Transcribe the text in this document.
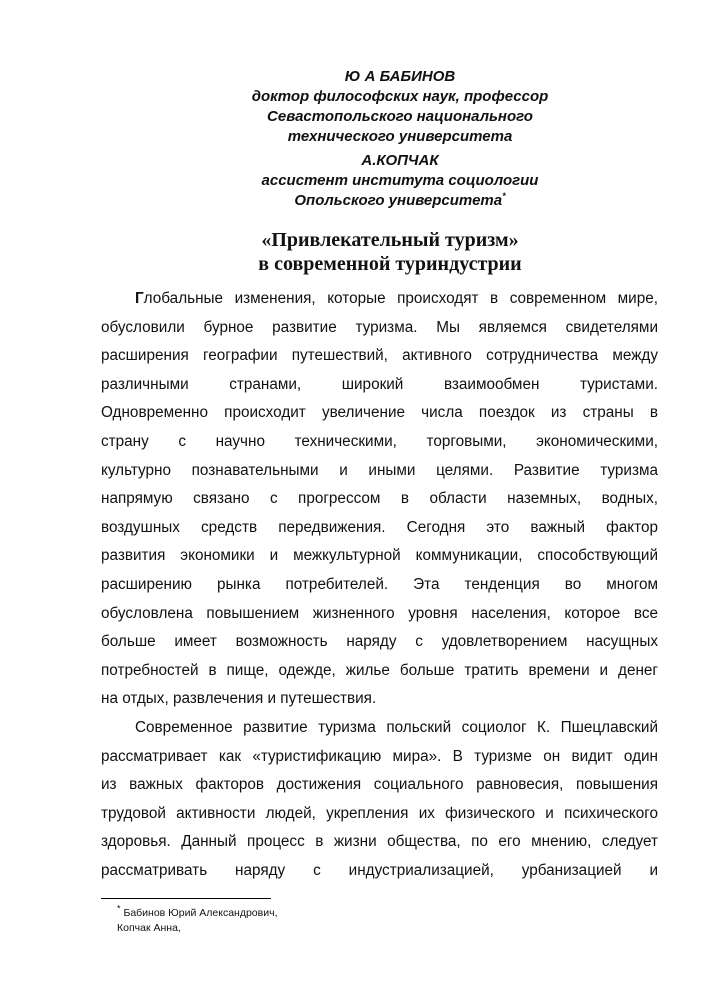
Ю А БАБИНОВ
доктор философских наук, профессор
Севастопольского национального
технического университета
А.КОПЧАК
ассистент института социологии
Опольского университета*
«Привлекательный туризм»
в современной туриндустрии

Глобальные изменения, которые происходят в современном мире,
обусловили бурное развитие туризма. Мы являемся свидетелями
расширения географии путешествий, активного сотрудничества между
различными странами, широкий взаимообмен туристами.
Одновременно происходит увеличение числа поездок из страны в
страну с научно техническими, торговыми, экономическими,
культурно познавательными и иными целями. Развитие туризма
напрямую связано с прогрессом в области наземных, водных,
воздушных средств передвижения. Сегодня это важный фактор
развития экономики и межкультурной коммуникации, способствующий
расширению рынка потребителей. Эта тенденция во многом
обусловлена повышением жизненного уровня населения, которое все
больше имеет возможность наряду с удовлетворением насущных
потребностей в пище, одежде, жилье больше тратить времени и денег
на отдых, развлечения и путешествия.

Современное развитие туризма польский социолог К. Пшецлавский
рассматривает как «туристификацию мира». В туризме он видит один
из важных факторов достижения социального равновесия, повышения
трудовой активности людей, укрепления их физического и психического
здоровья. Данный процесс в жизни общества, по его мнению, следует
рассматривать наряду с индустриализацией, урбанизацией и

* Бабинов Юрий Александрович,
Копчак Анна,
